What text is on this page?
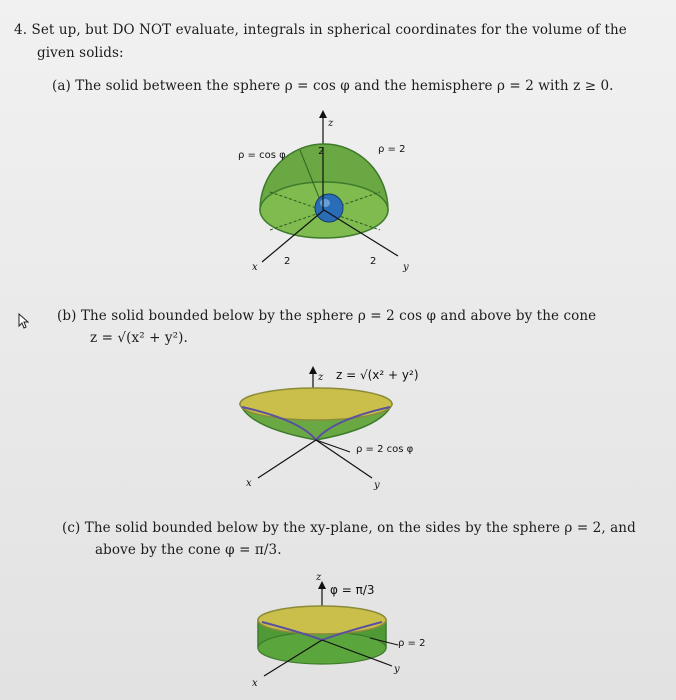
4. Set up, but DO NOT evaluate, integrals in spherical coordinates for the volume of the
given solids:
(a) The solid between the sphere ρ = cos φ and the hemisphere ρ = 2 with z ≥ 0.
ρ = cos φ
ρ = 2
2
2	2
z
x	y
(b) The solid bounded below by the sphere ρ = 2 cos φ and above by the cone
z = √(x² + y²).
z = √(x² + y²)
ρ = 2 cos φ
z
x	y
(c) The solid bounded below by the xy-plane, on the sides by the sphere ρ = 2, and
above by the cone φ = π/3.
φ = π/3
ρ = 2
z
x
y
